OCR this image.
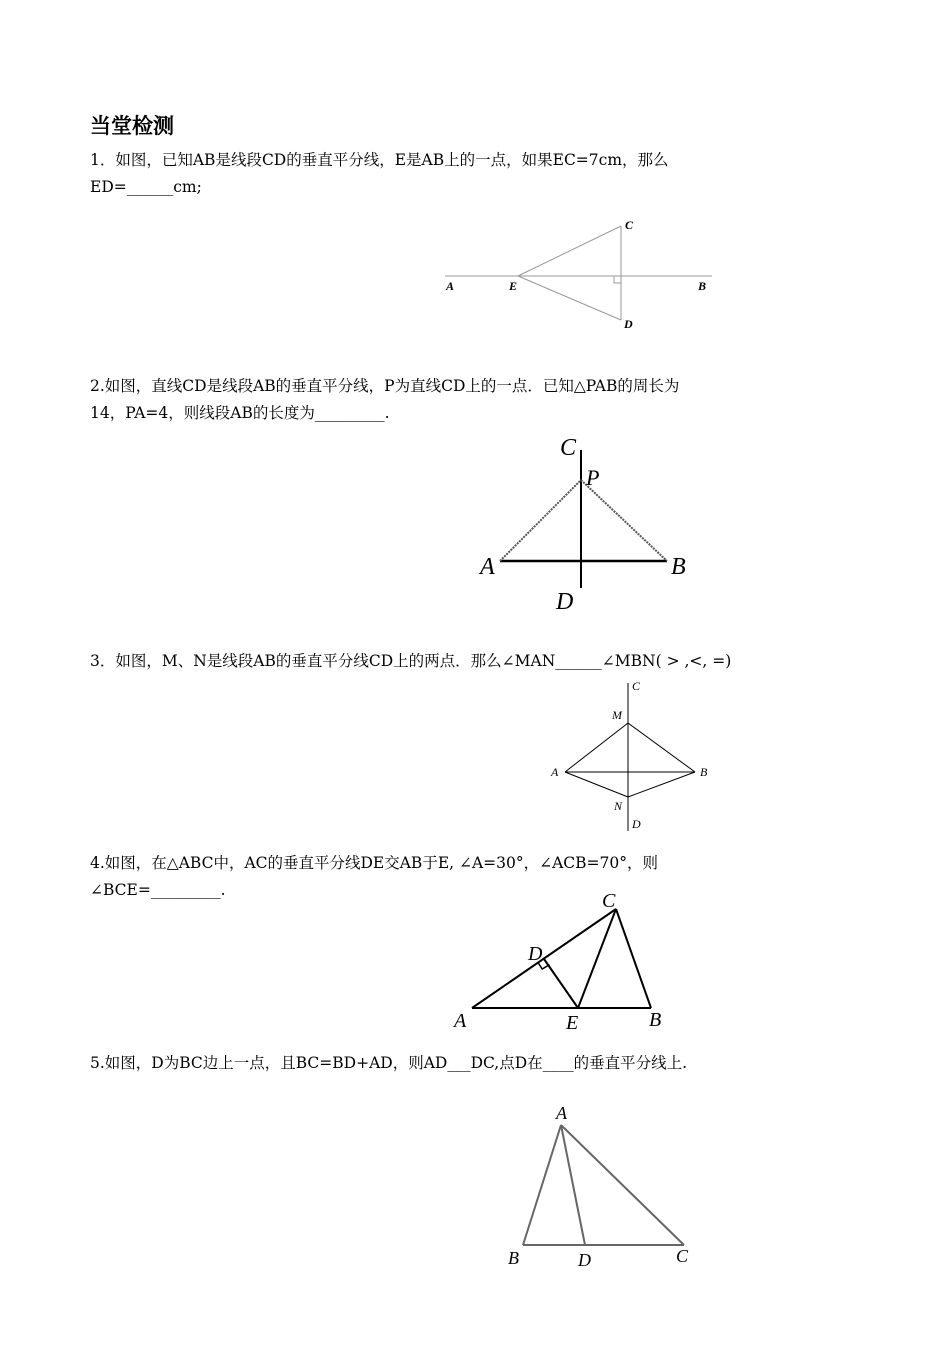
当堂检测
1．如图，已知AB是线段CD的垂直平分线，E是AB上的一点，如果EC=7cm，那么
ED=______cm;
C
A	E	B
D
2.如图，直线CD是线段AB的垂直平分线，P为直线CD上的一点．已知△PAB的周长为
14，PA=4，则线段AB的长度为_________.
C
P
A	B
D
3．如图，M、N是线段AB的垂直平分线CD上的两点．那么∠MAN______∠MBN( > ,<, =)
C
M
A	B
N
D
4.如图，在△ABC中，AC的垂直平分线DE交AB于E, ∠A=30°，∠ACB=70°，则
∠BCE=_________.	C
D
A	E	B
5.如图，D为BC边上一点，且BC=BD+AD，则AD___DC,点D在____的垂直平分线上.
A
B	D	C
